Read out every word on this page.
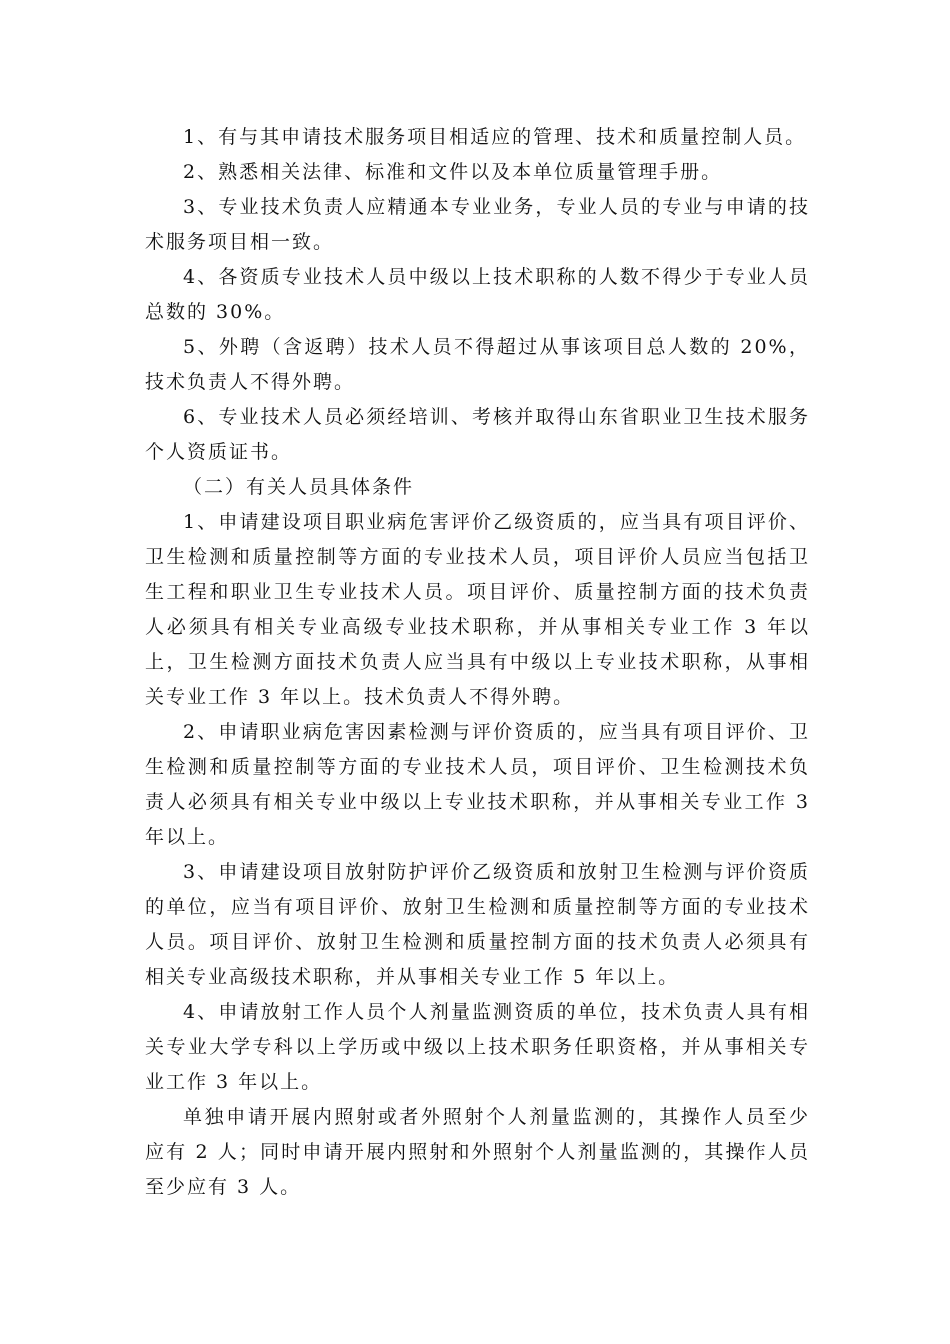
1、有与其申请技术服务项目相适应的管理、技术和质量控制人员。

2、熟悉相关法律、标准和文件以及本单位质量管理手册。

3、专业技术负责人应精通本专业业务，专业人员的专业与申请的技术服务项目相一致。

4、各资质专业技术人员中级以上技术职称的人数不得少于专业人员总数的 30%。

5、外聘（含返聘）技术人员不得超过从事该项目总人数的 20%，技术负责人不得外聘。

6、专业技术人员必须经培训、考核并取得山东省职业卫生技术服务个人资质证书。

（二）有关人员具体条件

1、申请建设项目职业病危害评价乙级资质的，应当具有项目评价、卫生检测和质量控制等方面的专业技术人员，项目评价人员应当包括卫生工程和职业卫生专业技术人员。项目评价、质量控制方面的技术负责人必须具有相关专业高级专业技术职称，并从事相关专业工作 3 年以上，卫生检测方面技术负责人应当具有中级以上专业技术职称，从事相关专业工作 3 年以上。技术负责人不得外聘。

2、申请职业病危害因素检测与评价资质的，应当具有项目评价、卫生检测和质量控制等方面的专业技术人员，项目评价、卫生检测技术负责人必须具有相关专业中级以上专业技术职称，并从事相关专业工作 3 年以上。

3、申请建设项目放射防护评价乙级资质和放射卫生检测与评价资质的单位，应当有项目评价、放射卫生检测和质量控制等方面的专业技术人员。项目评价、放射卫生检测和质量控制方面的技术负责人必须具有相关专业高级技术职称，并从事相关专业工作 5 年以上。

4、申请放射工作人员个人剂量监测资质的单位，技术负责人具有相关专业大学专科以上学历或中级以上技术职务任职资格，并从事相关专业工作 3 年以上。

单独申请开展内照射或者外照射个人剂量监测的，其操作人员至少应有 2 人；同时申请开展内照射和外照射个人剂量监测的，其操作人员至少应有 3 人。
